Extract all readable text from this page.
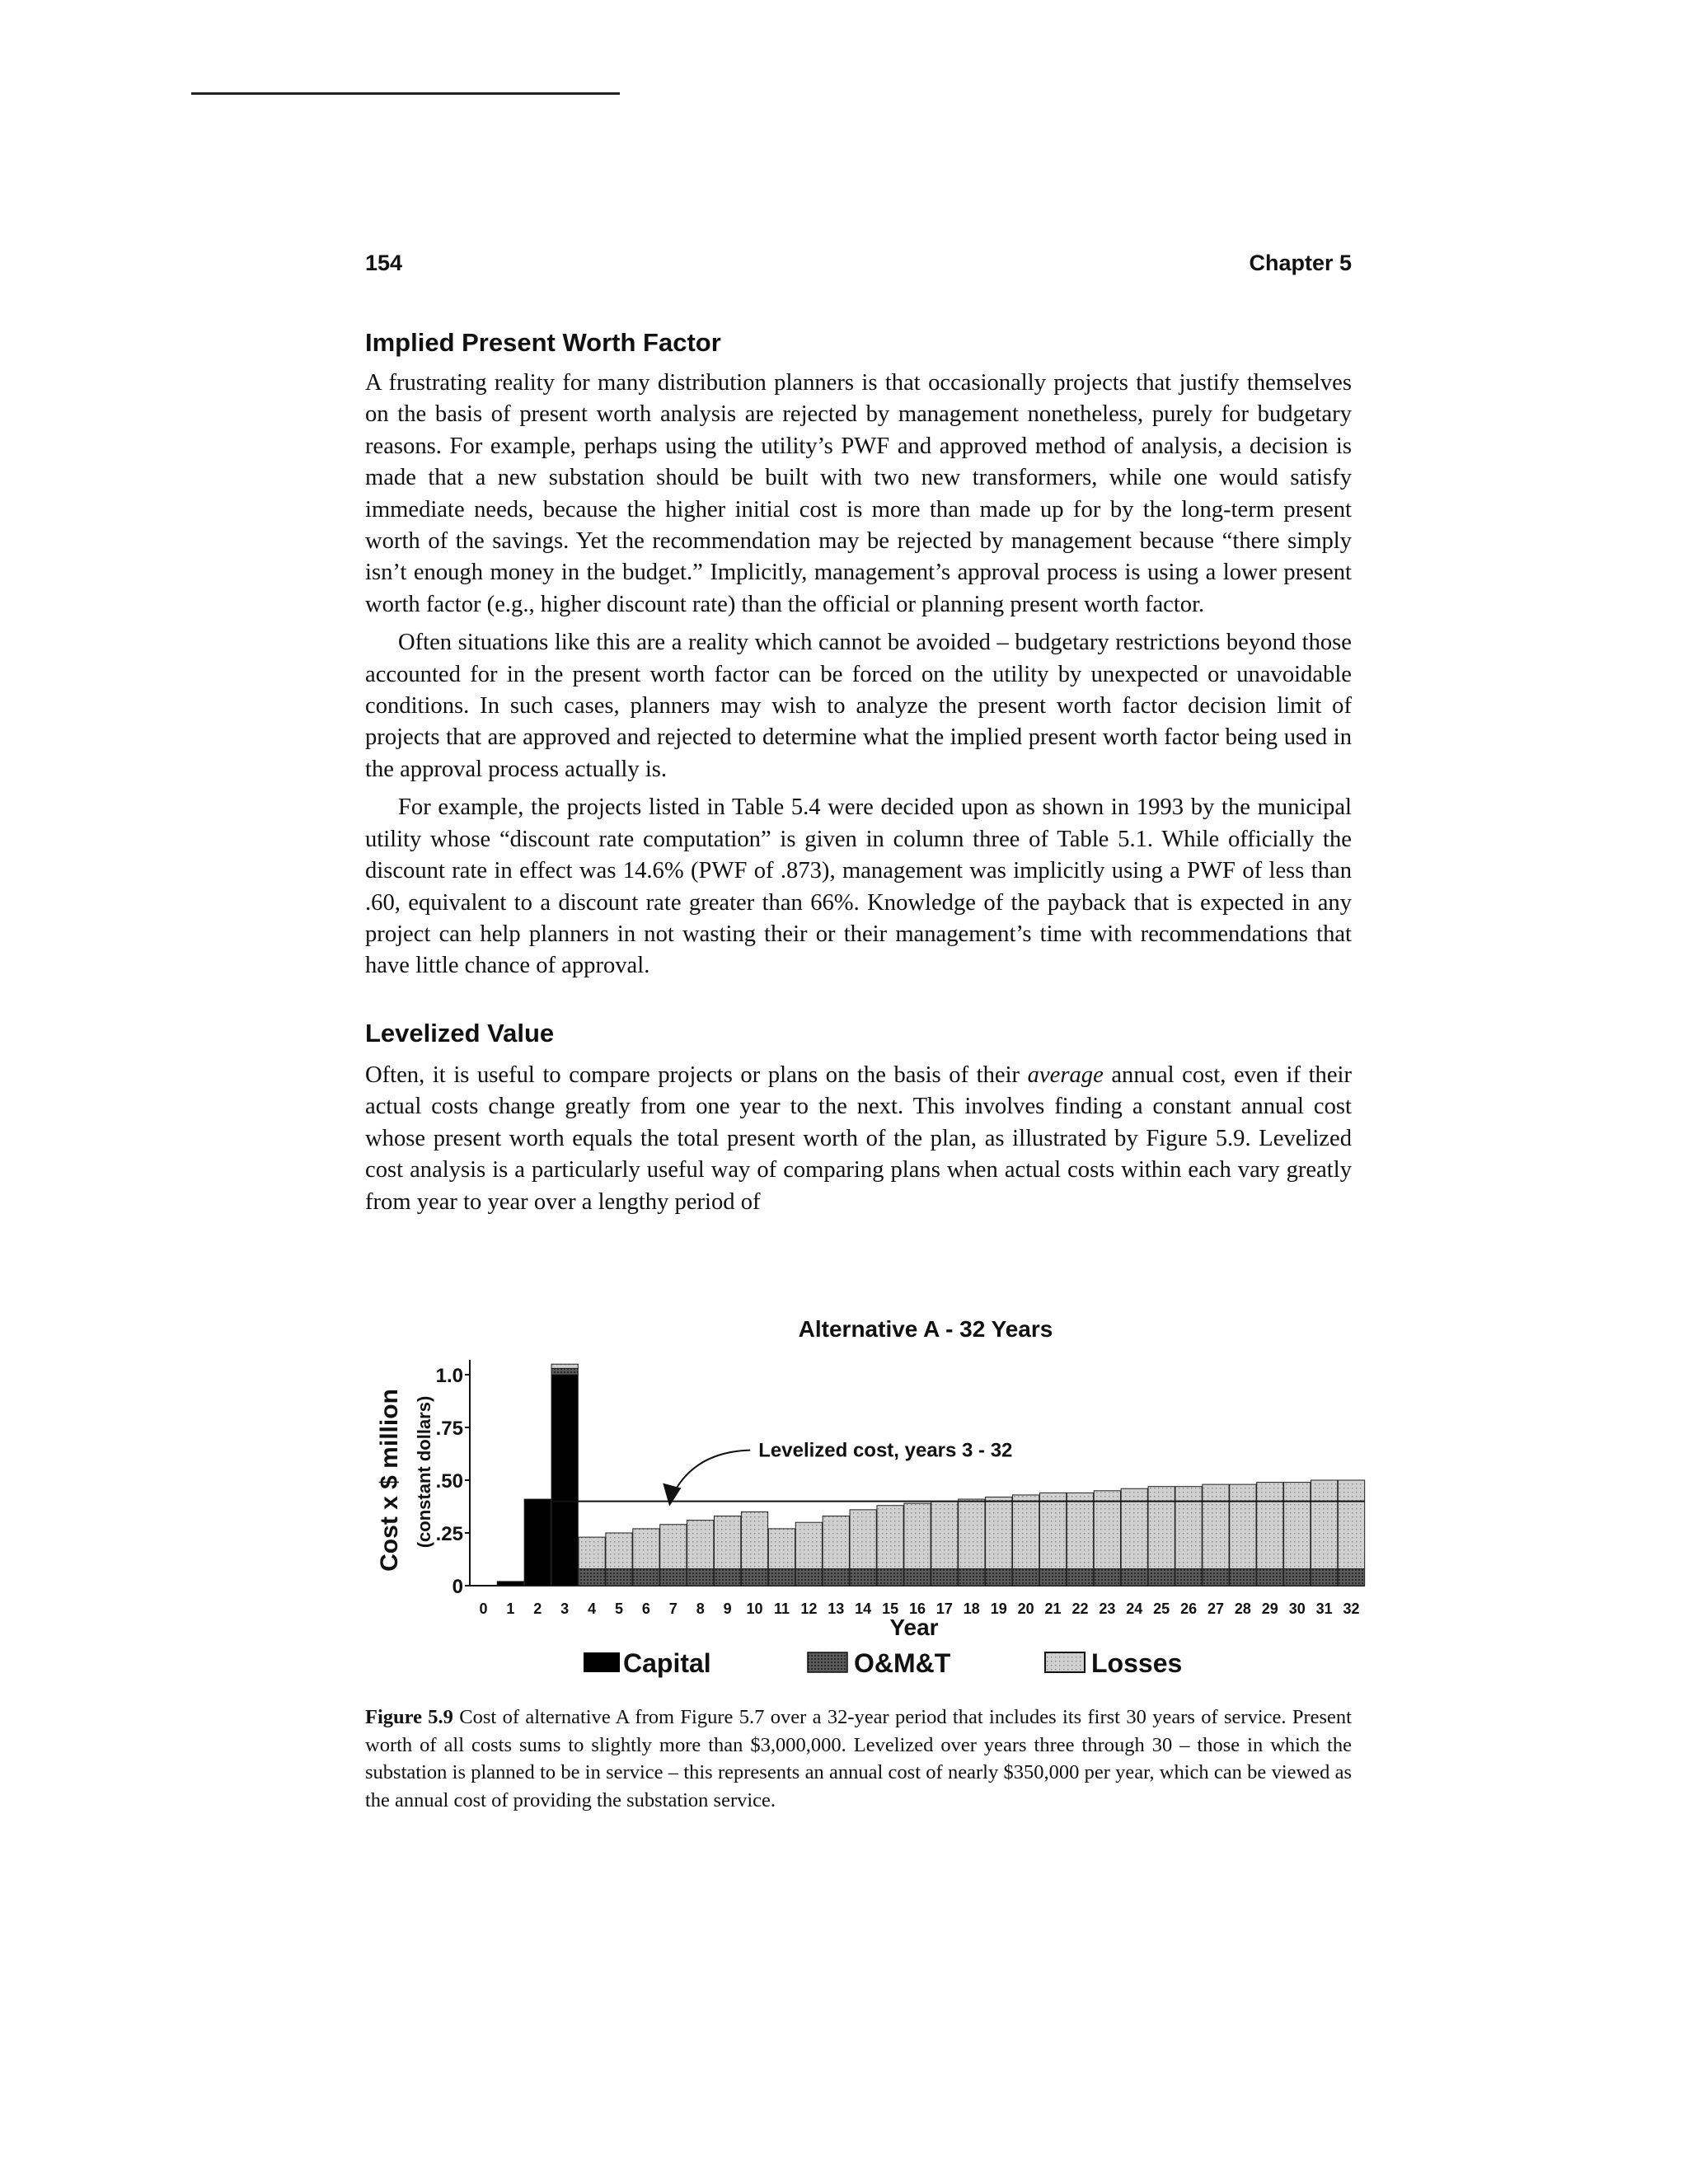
154	Chapter 5
Implied Present Worth Factor

A frustrating reality for many distribution planners is that occasionally projects that justify themselves on the basis of present worth analysis are rejected by management nonetheless, purely for budgetary reasons. For example, perhaps using the utility’s PWF and approved method of analysis, a decision is made that a new substation should be built with two new transformers, while one would satisfy immediate needs, because the higher initial cost is more than made up for by the long-term present worth of the savings. Yet the recommendation may be rejected by management because “there simply isn’t enough money in the budget.” Implicitly, management’s approval process is using a lower present worth factor (e.g., higher discount rate) than the official or planning present worth factor.

Often situations like this are a reality which cannot be avoided – budgetary restrictions beyond those accounted for in the present worth factor can be forced on the utility by unexpected or unavoidable conditions. In such cases, planners may wish to analyze the present worth factor decision limit of projects that are approved and rejected to determine what the implied present worth factor being used in the approval process actually is.

For example, the projects listed in Table 5.4 were decided upon as shown in 1993 by the municipal utility whose “discount rate computation” is given in column three of Table 5.1. While officially the discount rate in effect was 14.6% (PWF of .873), management was implicitly using a PWF of less than .60, equivalent to a discount rate greater than 66%. Knowledge of the payback that is expected in any project can help planners in not wasting their or their management’s time with recommendations that have little chance of approval.

Levelized Value

Often, it is useful to compare projects or plans on the basis of their average annual cost, even if their actual costs change greatly from one year to the next. This involves finding a constant annual cost whose present worth equals the total present worth of the plan, as illustrated by Figure 5.9. Levelized cost analysis is a particularly useful way of comparing plans when actual costs within each vary greatly from year to year over a lengthy period of

Alternative A - 32 Years
0
.25
.50
.75
1.0
Cost x $ million (constant dollars)
0 1 2 3 4 5 6 7 8 9 10 11 12 13 14 15 16 17 18 19 20 21 22 23 24 25 26 27 28 29 30 31 32
Levelized cost, years 3 - 32
Year
Capital	O&M&T	Losses
Figure 5.9 Cost of alternative A from Figure 5.7 over a 32-year period that includes its first 30 years of service. Present worth of all costs sums to slightly more than $3,000,000. Levelized over years three through 30 – those in which the substation is planned to be in service – this represents an annual cost of nearly $350,000 per year, which can be viewed as the annual cost of providing the substation service.
